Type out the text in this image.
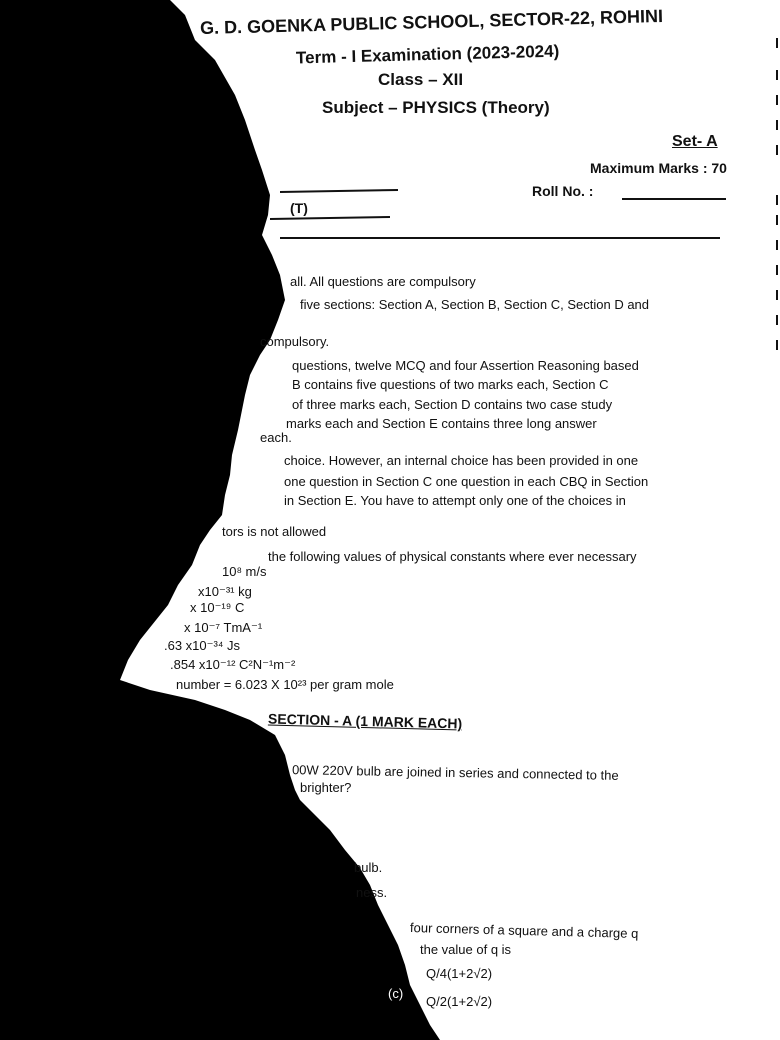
G. D. GOENKA PUBLIC SCHOOL, SECTOR-22, ROHINI
Term - I Examination (2023-2024)
Class – XII
Subject – PHYSICS (Theory)
Set- A
Maximum Marks : 70
Roll No. :
(T)
all. All questions are compulsory
five sections: Section A, Section B, Section C, Section D and
compulsory.
questions, twelve MCQ and four Assertion Reasoning based
B contains five questions of two marks each, Section C
of three marks each, Section D contains two case study
marks each and Section E contains three long answer
each.
choice. However, an internal choice has been provided in one
one question in Section C one question in each CBQ in Section
in Section E. You have to attempt only one of the choices in
tors is not allowed
the following values of physical constants where ever necessary
10⁸ m/s
x10⁻³¹ kg
x 10⁻¹⁹ C
x 10⁻⁷ TmA⁻¹
.63 x10⁻³⁴ Js
.854 x10⁻¹² C²N⁻¹m⁻²
number = 6.023 X 10²³ per gram mole
SECTION - A (1 MARK EACH)
00W 220V bulb are joined in series and connected to the
brighter?
bulb.
ness.
four corners of a square and a charge q
the value of q is
Q/4(1+2√2)
(c)
Q/2(1+2√2)
